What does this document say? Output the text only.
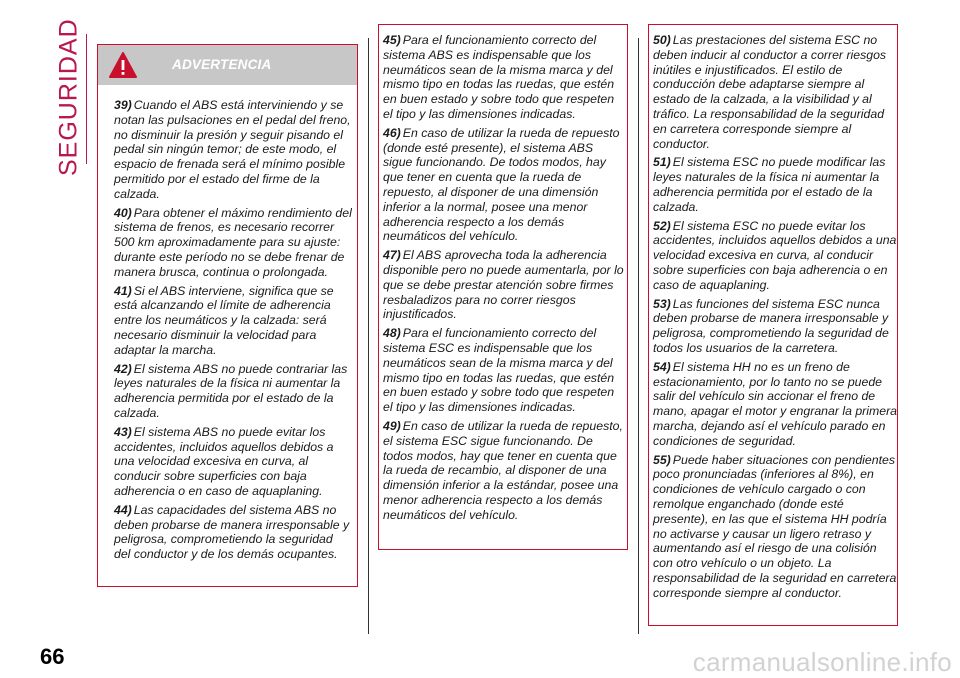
SEGURIDAD	ADVERTENCIA

39) Cuando el ABS está interviniendo y se notan las pulsaciones en el pedal del freno, no disminuir la presión y seguir pisando el pedal sin ningún temor; de este modo, el espacio de frenada será el mínimo posible permitido por el estado del firme de la calzada.

40) Para obtener el máximo rendimiento del sistema de frenos, es necesario recorrer 500 km aproximadamente para su ajuste: durante este período no se debe frenar de manera brusca, continua o prolongada.

41) Si el ABS interviene, significa que se está alcanzando el límite de adherencia entre los neumáticos y la calzada: será necesario disminuir la velocidad para adaptar la marcha.

42) El sistema ABS no puede contrariar las leyes naturales de la física ni aumentar la adherencia permitida por el estado de la calzada.

43) El sistema ABS no puede evitar los accidentes, incluidos aquellos debidos a una velocidad excesiva en curva, al conducir sobre superficies con baja adherencia o en caso de aquaplaning.

44) Las capacidades del sistema ABS no deben probarse de manera irresponsable y peligrosa, comprometiendo la seguridad del conductor y de los demás ocupantes.

45) Para el funcionamiento correcto del sistema ABS es indispensable que los neumáticos sean de la misma marca y del mismo tipo en todas las ruedas, que estén en buen estado y sobre todo que respeten el tipo y las dimensiones indicadas.

46) En caso de utilizar la rueda de repuesto (donde esté presente), el sistema ABS sigue funcionando. De todos modos, hay que tener en cuenta que la rueda de repuesto, al disponer de una dimensión inferior a la normal, posee una menor adherencia respecto a los demás neumáticos del vehículo.

47) El ABS aprovecha toda la adherencia disponible pero no puede aumentarla, por lo que se debe prestar atención sobre firmes resbaladizos para no correr riesgos injustificados.

48) Para el funcionamiento correcto del sistema ESC es indispensable que los neumáticos sean de la misma marca y del mismo tipo en todas las ruedas, que estén en buen estado y sobre todo que respeten el tipo y las dimensiones indicadas.

49) En caso de utilizar la rueda de repuesto, el sistema ESC sigue funcionando. De todos modos, hay que tener en cuenta que la rueda de recambio, al disponer de una dimensión inferior a la estándar, posee una menor adherencia respecto a los demás neumáticos del vehículo.

50) Las prestaciones del sistema ESC no deben inducir al conductor a correr riesgos inútiles e injustificados. El estilo de conducción debe adaptarse siempre al estado de la calzada, a la visibilidad y al tráfico. La responsabilidad de la seguridad en carretera corresponde siempre al conductor.

51) El sistema ESC no puede modificar las leyes naturales de la física ni aumentar la adherencia permitida por el estado de la calzada.

52) El sistema ESC no puede evitar los accidentes, incluidos aquellos debidos a una velocidad excesiva en curva, al conducir sobre superficies con baja adherencia o en caso de aquaplaning.

53) Las funciones del sistema ESC nunca deben probarse de manera irresponsable y peligrosa, comprometiendo la seguridad de todos los usuarios de la carretera.

54) El sistema HH no es un freno de estacionamiento, por lo tanto no se puede salir del vehículo sin accionar el freno de mano, apagar el motor y engranar la primera marcha, dejando así el vehículo parado en condiciones de seguridad.

55) Puede haber situaciones con pendientes poco pronunciadas (inferiores al 8%), en condiciones de vehículo cargado o con remolque enganchado (donde esté presente), en las que el sistema HH podría no activarse y causar un ligero retraso y aumentando así el riesgo de una colisión con otro vehículo o un objeto. La responsabilidad de la seguridad en carretera corresponde siempre al conductor.

66	carmanualsonline.info
